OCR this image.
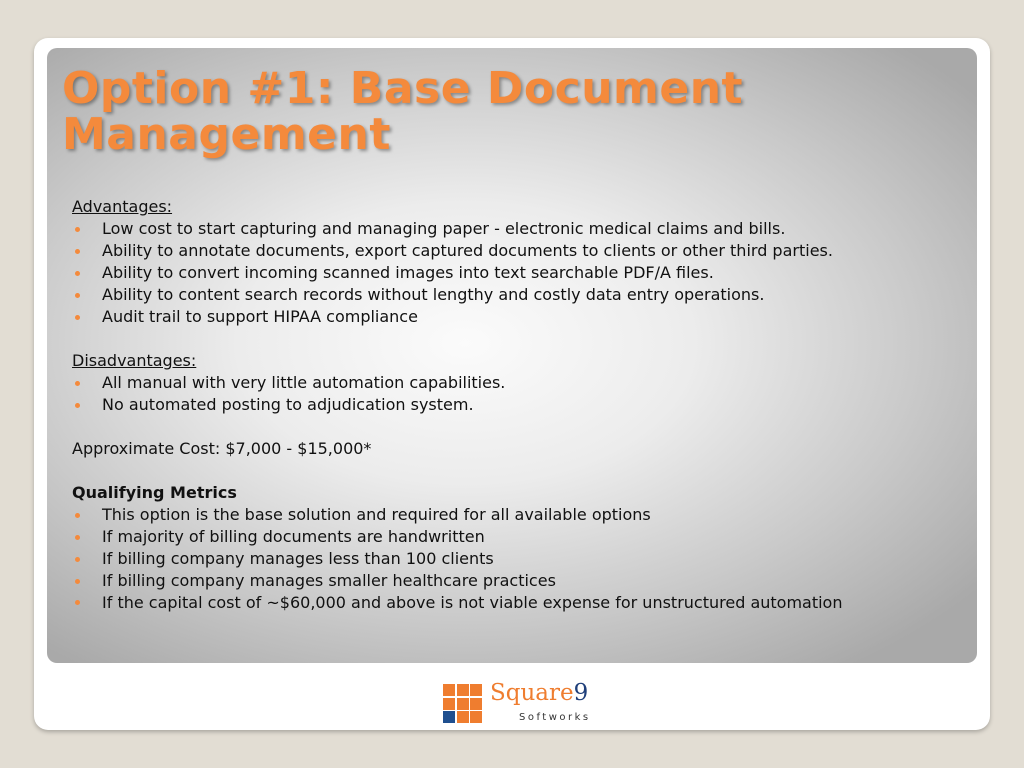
Option #1: Base Document
Management
Advantages:
Low cost to start capturing and managing paper - electronic medical claims and bills.
Ability to annotate documents, export captured documents to clients or other third parties.
Ability to convert incoming scanned images into text searchable PDF/A files.
Ability to content search records without lengthy and costly data entry operations.
Audit trail to support HIPAA compliance
Disadvantages:
All manual with very little automation capabilities.
No automated posting to adjudication system.
Approximate Cost: $7,000 - $15,000*
Qualifying Metrics
This option is the base solution and required for all available options
If majority of billing documents are handwritten
If billing company manages less than 100 clients
If billing company manages smaller healthcare practices
If the capital cost of ~$60,000 and above is not viable expense for unstructured automation
Square9
Softworks
